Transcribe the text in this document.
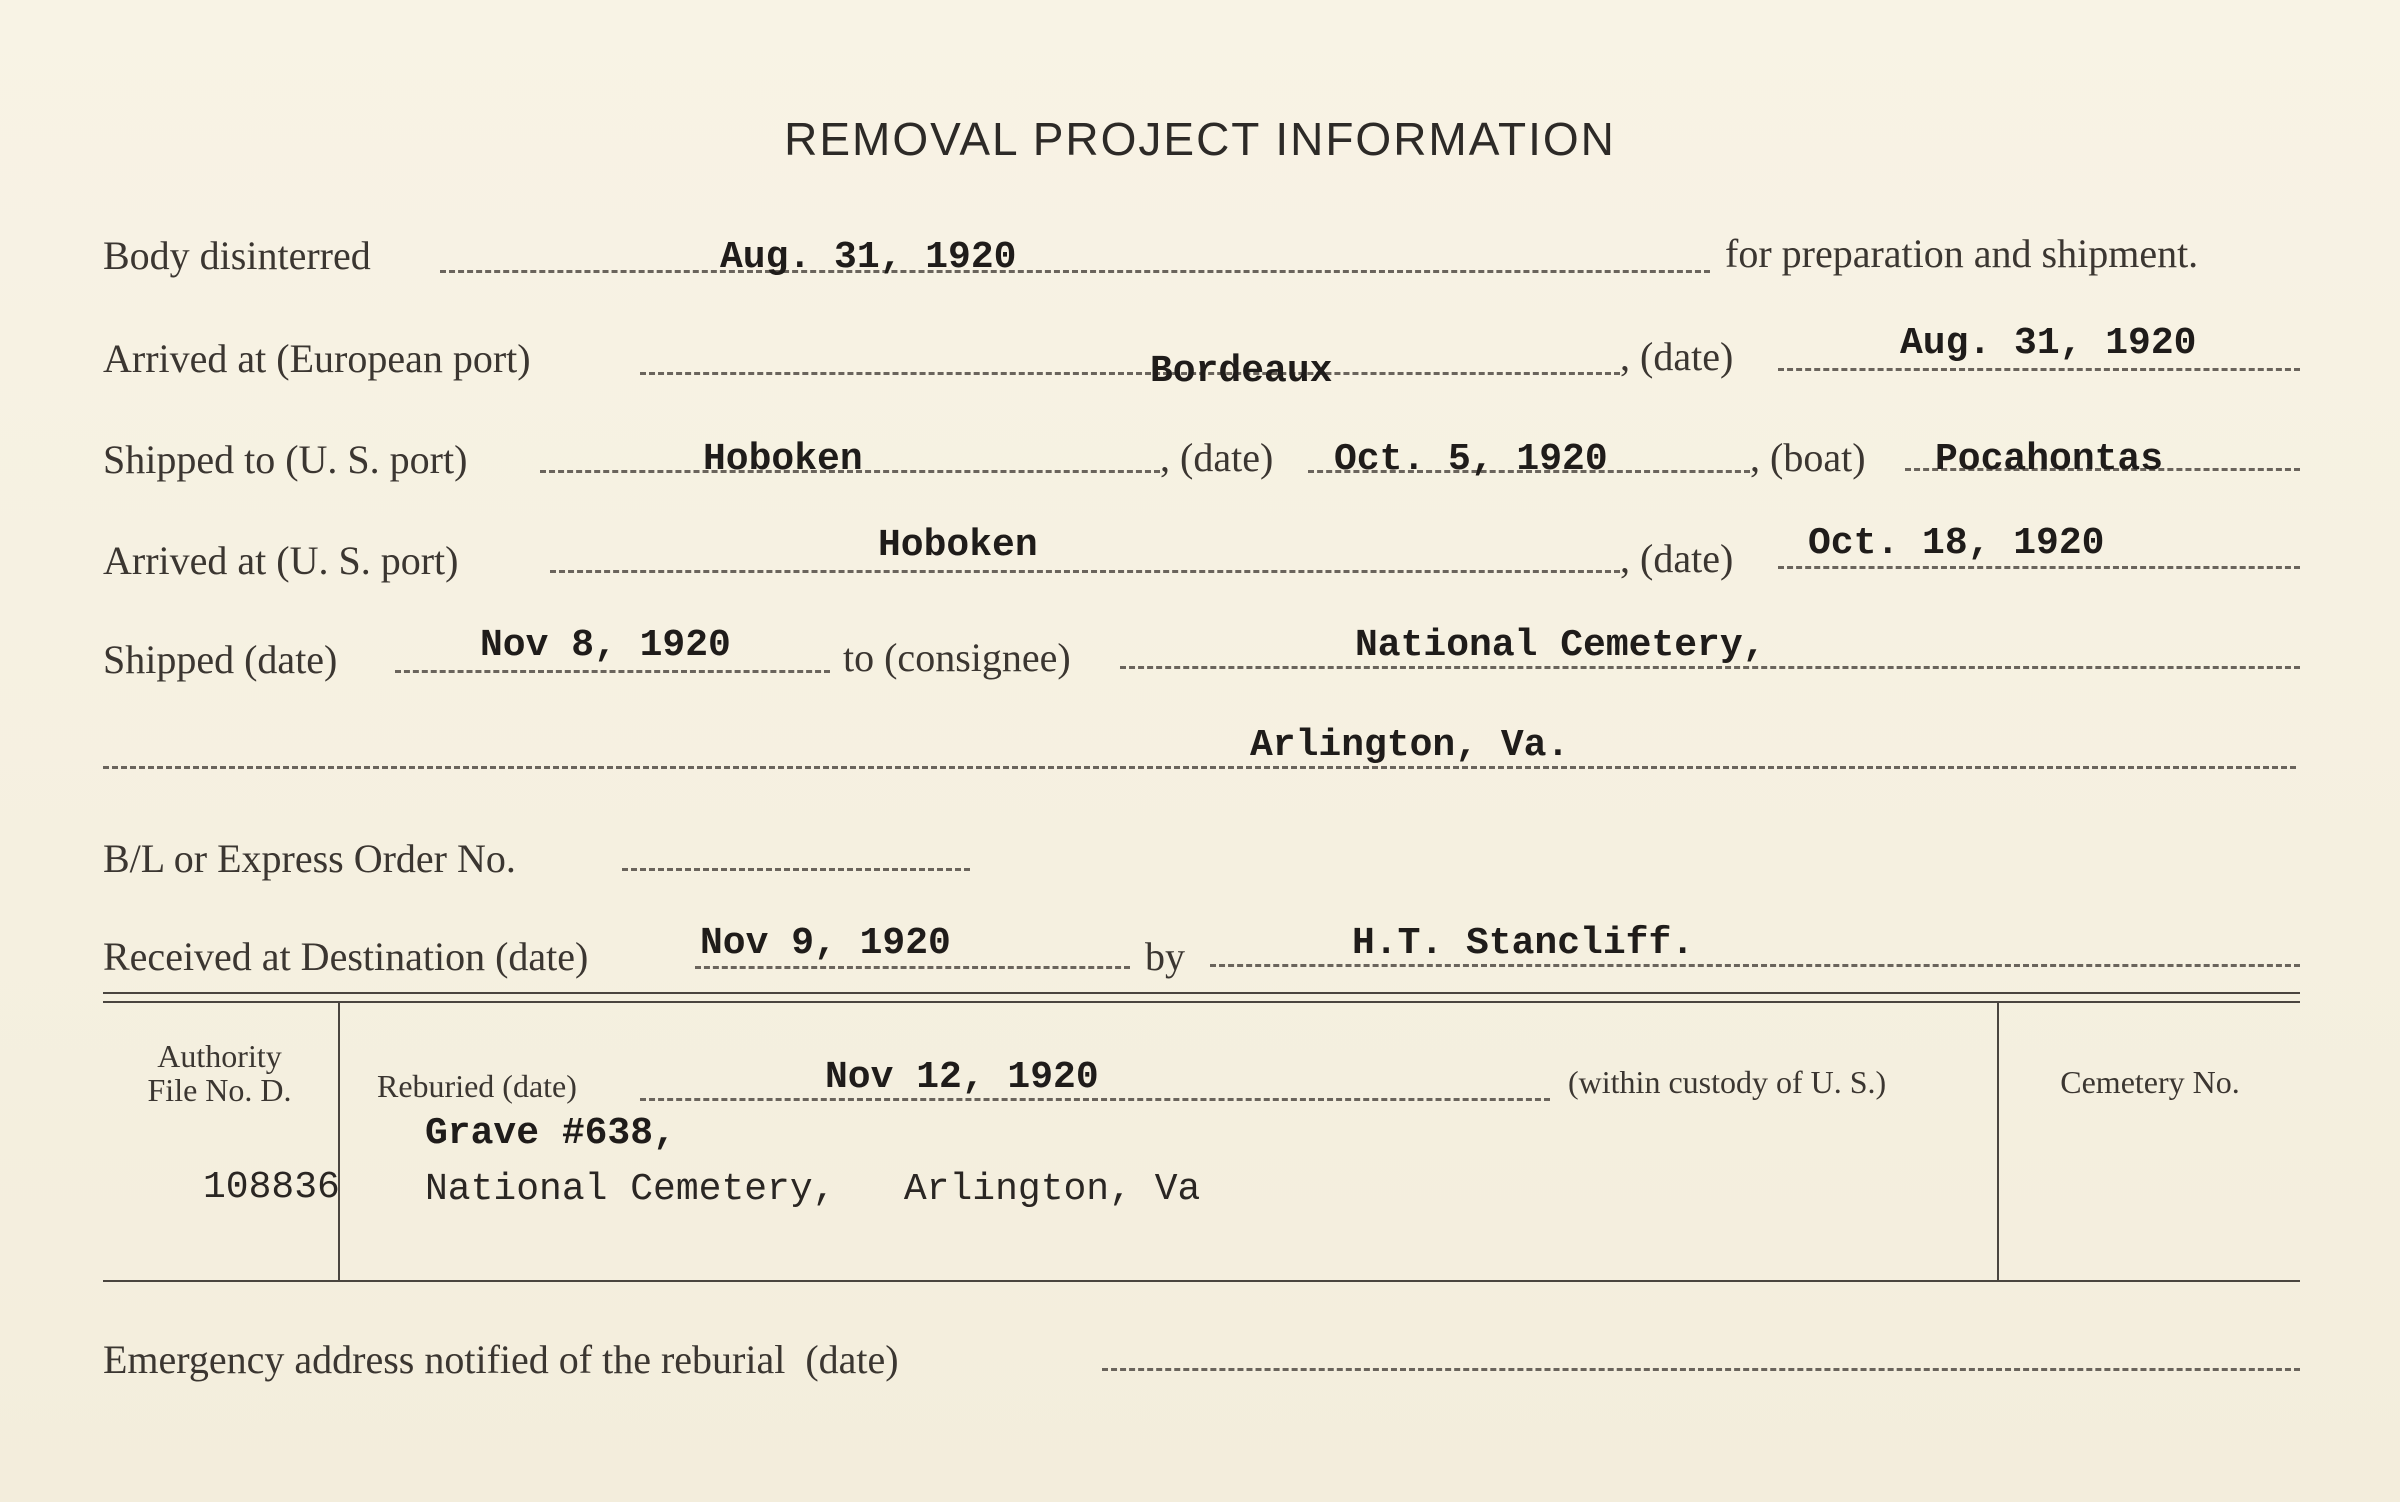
REMOVAL PROJECT INFORMATION
Body disinterred	Aug. 31, 1920	for preparation and shipment.
Arrived at (European port)	Bordeaux	, (date)	Aug. 31, 1920
Shipped to (U. S. port)	Hoboken	, (date) Oct. 5, 1920	, (boat) Pocahontas
Arrived at (U. S. port)	Hoboken	, (date) Oct. 18, 1920
Shipped (date)	Nov 8, 1920	to (consignee)	National Cemetery,
Arlington, Va.
B/L or Express Order No.
Received at Destination (date)	Nov 9, 1920	by	H.T. Stancliff.
Authority
File No. D.
108836
Reburied (date)	Nov 12, 1920	(within custody of U. S.)
Grave #638,
National Cemetery,   Arlington, Va
Cemetery No.
Emergency address notified of the reburial  (date)
